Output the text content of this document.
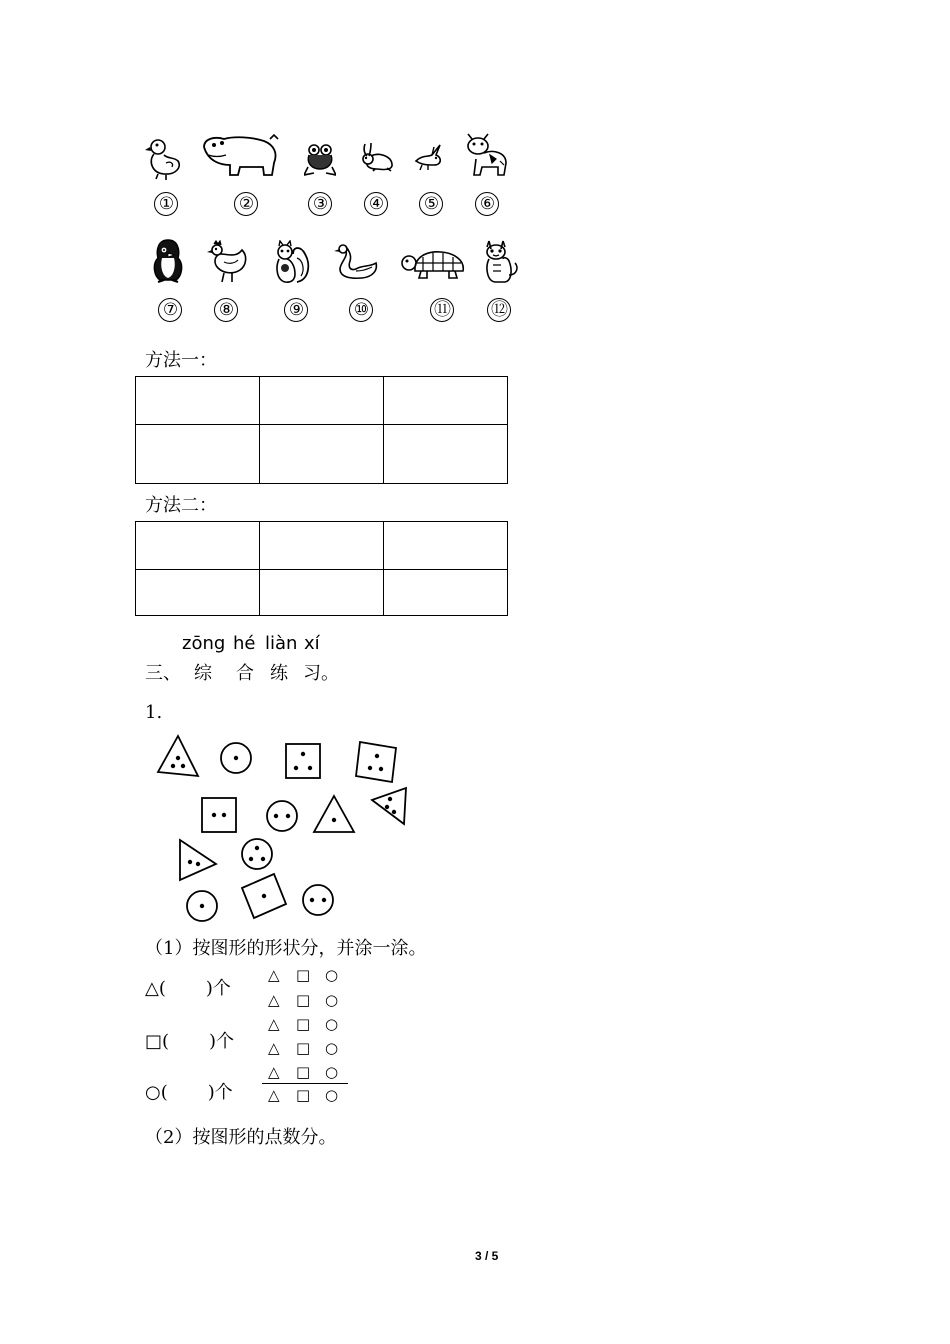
①	②	③ ④ ⑤ ⑥
⑦ ⑧	⑨	⑩	⑪ ⑫
方法一：

方法二：

zōng hé liàn xí
三、 综 合 练 习。
1.
（1）按图形的形状分，并涂一涂。
△( )个
□( )个
○( )个
△ □ ○
△ □ ○
△ □ ○
△ □ ○
△ □ ○
△ □ ○
（2）按图形的点数分。
3 / 5
